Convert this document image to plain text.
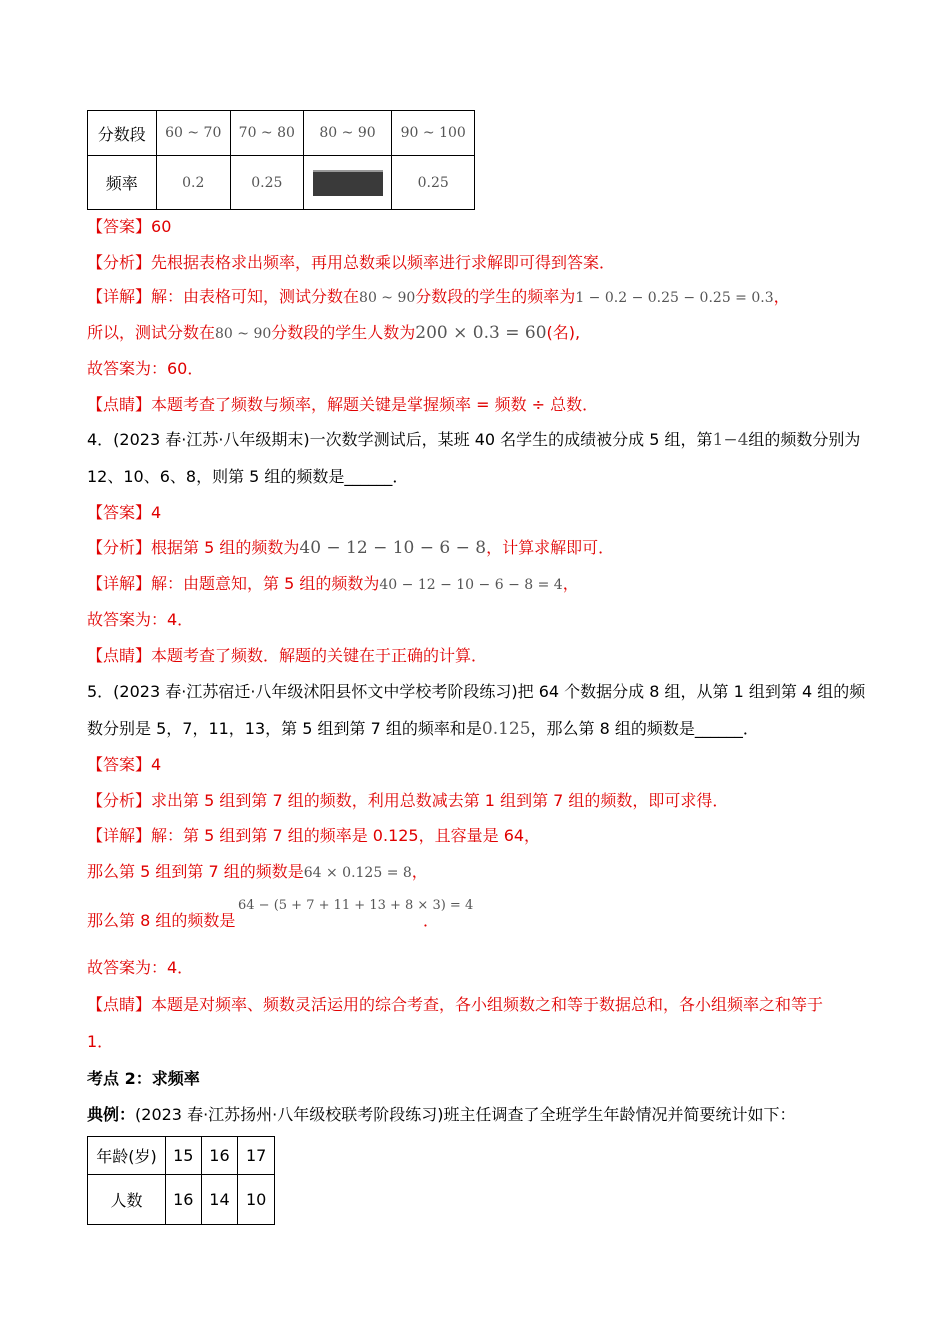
分数段	60 ~ 70	70 ~ 80	80 ~ 90	90 ~ 100
频率	0.2	0.25		0.25
【答案】60
【分析】先根据表格求出频率，再用总数乘以频率进行求解即可得到答案．
【详解】解：由表格可知，测试分数在80 ~ 90分数段的学生的频率为1 − 0.2 − 0.25 − 0.25 = 0.3，
所以，测试分数在80 ~ 90分数段的学生人数为200 × 0.3 = 60(名),
故答案为：60．
【点睛】本题考查了频数与频率，解题关键是掌握频率 = 频数 ÷ 总数．
4．(2023 春·江苏·八年级期末)一次数学测试后，某班 40 名学生的成绩被分成 5 组，第1−4组的频数分别为
12、10、6、8，则第 5 组的频数是______．
【答案】4
【分析】根据第 5 组的频数为40 − 12 − 10 − 6 − 8，计算求解即可．
【详解】解：由题意知，第 5 组的频数为40 − 12 − 10 − 6 − 8 = 4，
故答案为：4．
【点睛】本题考查了频数．解题的关键在于正确的计算．
5．(2023 春·江苏宿迁·八年级沭阳县怀文中学校考阶段练习)把 64 个数据分成 8 组，从第 1 组到第 4 组的频
数分别是 5，7，11，13，第 5 组到第 7 组的频率和是0.125，那么第 8 组的频数是______．
【答案】4
【分析】求出第 5 组到第 7 组的频数，利用总数减去第 1 组到第 7 组的频数，即可求得．
【详解】解：第 5 组到第 7 组的频率是 0.125，且容量是 64，
那么第 5 组到第 7 组的频数是64 × 0.125 = 8，
64 − (5 + 7 + 11 + 13 + 8 × 3) = 4
那么第 8 组的频数是	．
故答案为：4．
【点睛】本题是对频率、频数灵活运用的综合考查，各小组频数之和等于数据总和，各小组频率之和等于
1．
考点 2：求频率
典例：(2023 春·江苏扬州·八年级校联考阶段练习)班主任调查了全班学生年龄情况并简要统计如下：
年龄(岁)	15	16	17
人数	16	14	10
